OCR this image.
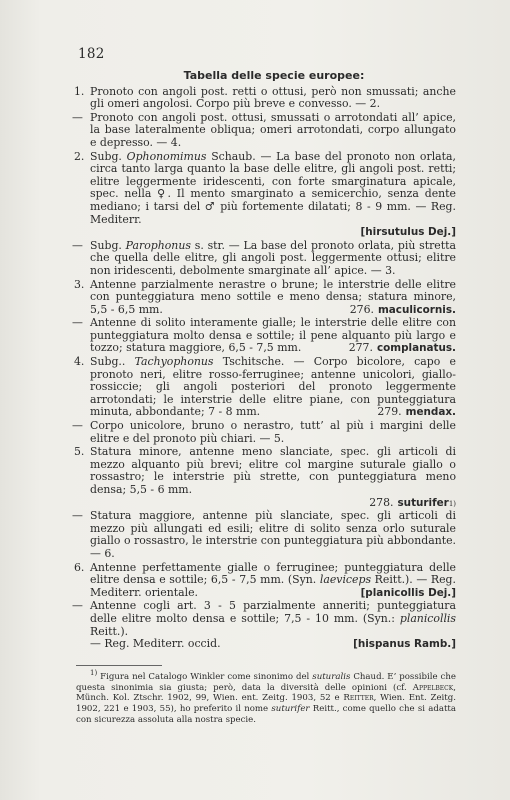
182
Tabella delle specie europee:
1. Pronoto con angoli post. retti o ottusi, però non smussati; anche gli omeri angolosi. Corpo più breve e convesso. — 2.
— Pronoto con angoli post. ottusi, smussati o arrotondati all’ apice, la base lateralmente obliqua; omeri arrotondati, corpo allungato e depresso. — 4.
2. Subg. Ophonomimus Schaub. — La base del pronoto non orlata, circa tanto larga quanto la base delle elitre, gli angoli post. retti; elitre leggermente iridescenti, con forte smarginatura apicale, spec. nella ♀. Il mento smarginato a semicerchio, senza dente mediano; i tarsi del ♂ più fortemente dilatati; 8 - 9 mm. — Reg. Mediterr.
[hirsutulus Dej.]
— Subg. Parophonus s. str. — La base del pronoto orlata, più stretta che quella delle elitre, gli angoli post. leggermente ottusi; elitre non iridescenti, debolmente smarginate all’ apice. — 3.
3. Antenne parzialmente nerastre o brune; le interstrie delle elitre con punteggiatura meno sottile e meno densa; statura minore, 5,5 - 6,5 mm.	276. maculicornis.
— Antenne di solito interamente gialle; le interstrie delle elitre con punteggiatura molto densa e sottile; il pene alquanto più largo e tozzo; statura maggiore, 6,5 - 7,5 mm.	277. complanatus.
4. Subg.. Tachyophonus Tschitsche. — Corpo bicolore, capo e pronoto neri, elitre rosso-ferruginee; antenne unicolori, giallo-rossiccie; gli angoli posteriori del pronoto leggermente arrotondati; le interstrie delle elitre piane, con punteggiatura minuta, abbondante; 7 - 8 mm.	279. mendax.
— Corpo unicolore, bruno o nerastro, tutt’ al più i margini delle elitre e del pronoto più chiari. — 5.
5. Statura minore, antenne meno slanciate, spec. gli articoli di mezzo alquanto più brevi; elitre col margine suturale giallo o rossastro; le interstrie più strette, con punteggiatura meno densa; 5,5 - 6 mm.
278. suturifer 1)
— Statura maggiore, antenne più slanciate, spec. gli articoli di mezzo più allungati ed esili; elitre di solito senza orlo suturale giallo o rossastro, le interstrie con punteggiatura più abbondante. — 6.
6. Antenne perfettamente gialle o ferruginee; punteggiatura delle elitre densa e sottile; 6,5 - 7,5 mm. (Syn. laeviceps Reitt.). — Reg. Mediterr. orientale.	[planicollis Dej.]
— Antenne cogli art. 3 - 5 parzialmente anneriti; punteggiatura delle elitre molto densa e sottile; 7,5 - 10 mm. (Syn.: planicollis Reitt.).
— Reg. Mediterr. occid.	[hispanus Ramb.]
$^{1)}$ Figura nel Catalogo Winkler come sinonimo del suturalis Chaud. E’ possibile che questa sinonimia sia giusta; però, data la diversità delle opinioni (cf. Appelbeck, Münch. Kol. Ztschr. 1902, 99, Wien. ent. Zeitg. 1903, 52 e Reitter, Wien. Ent. Zeitg. 1902, 221 e 1903, 55), ho preferito il nome suturifer Reitt., come quello che si adatta con sicurezza assoluta alla nostra specie.
